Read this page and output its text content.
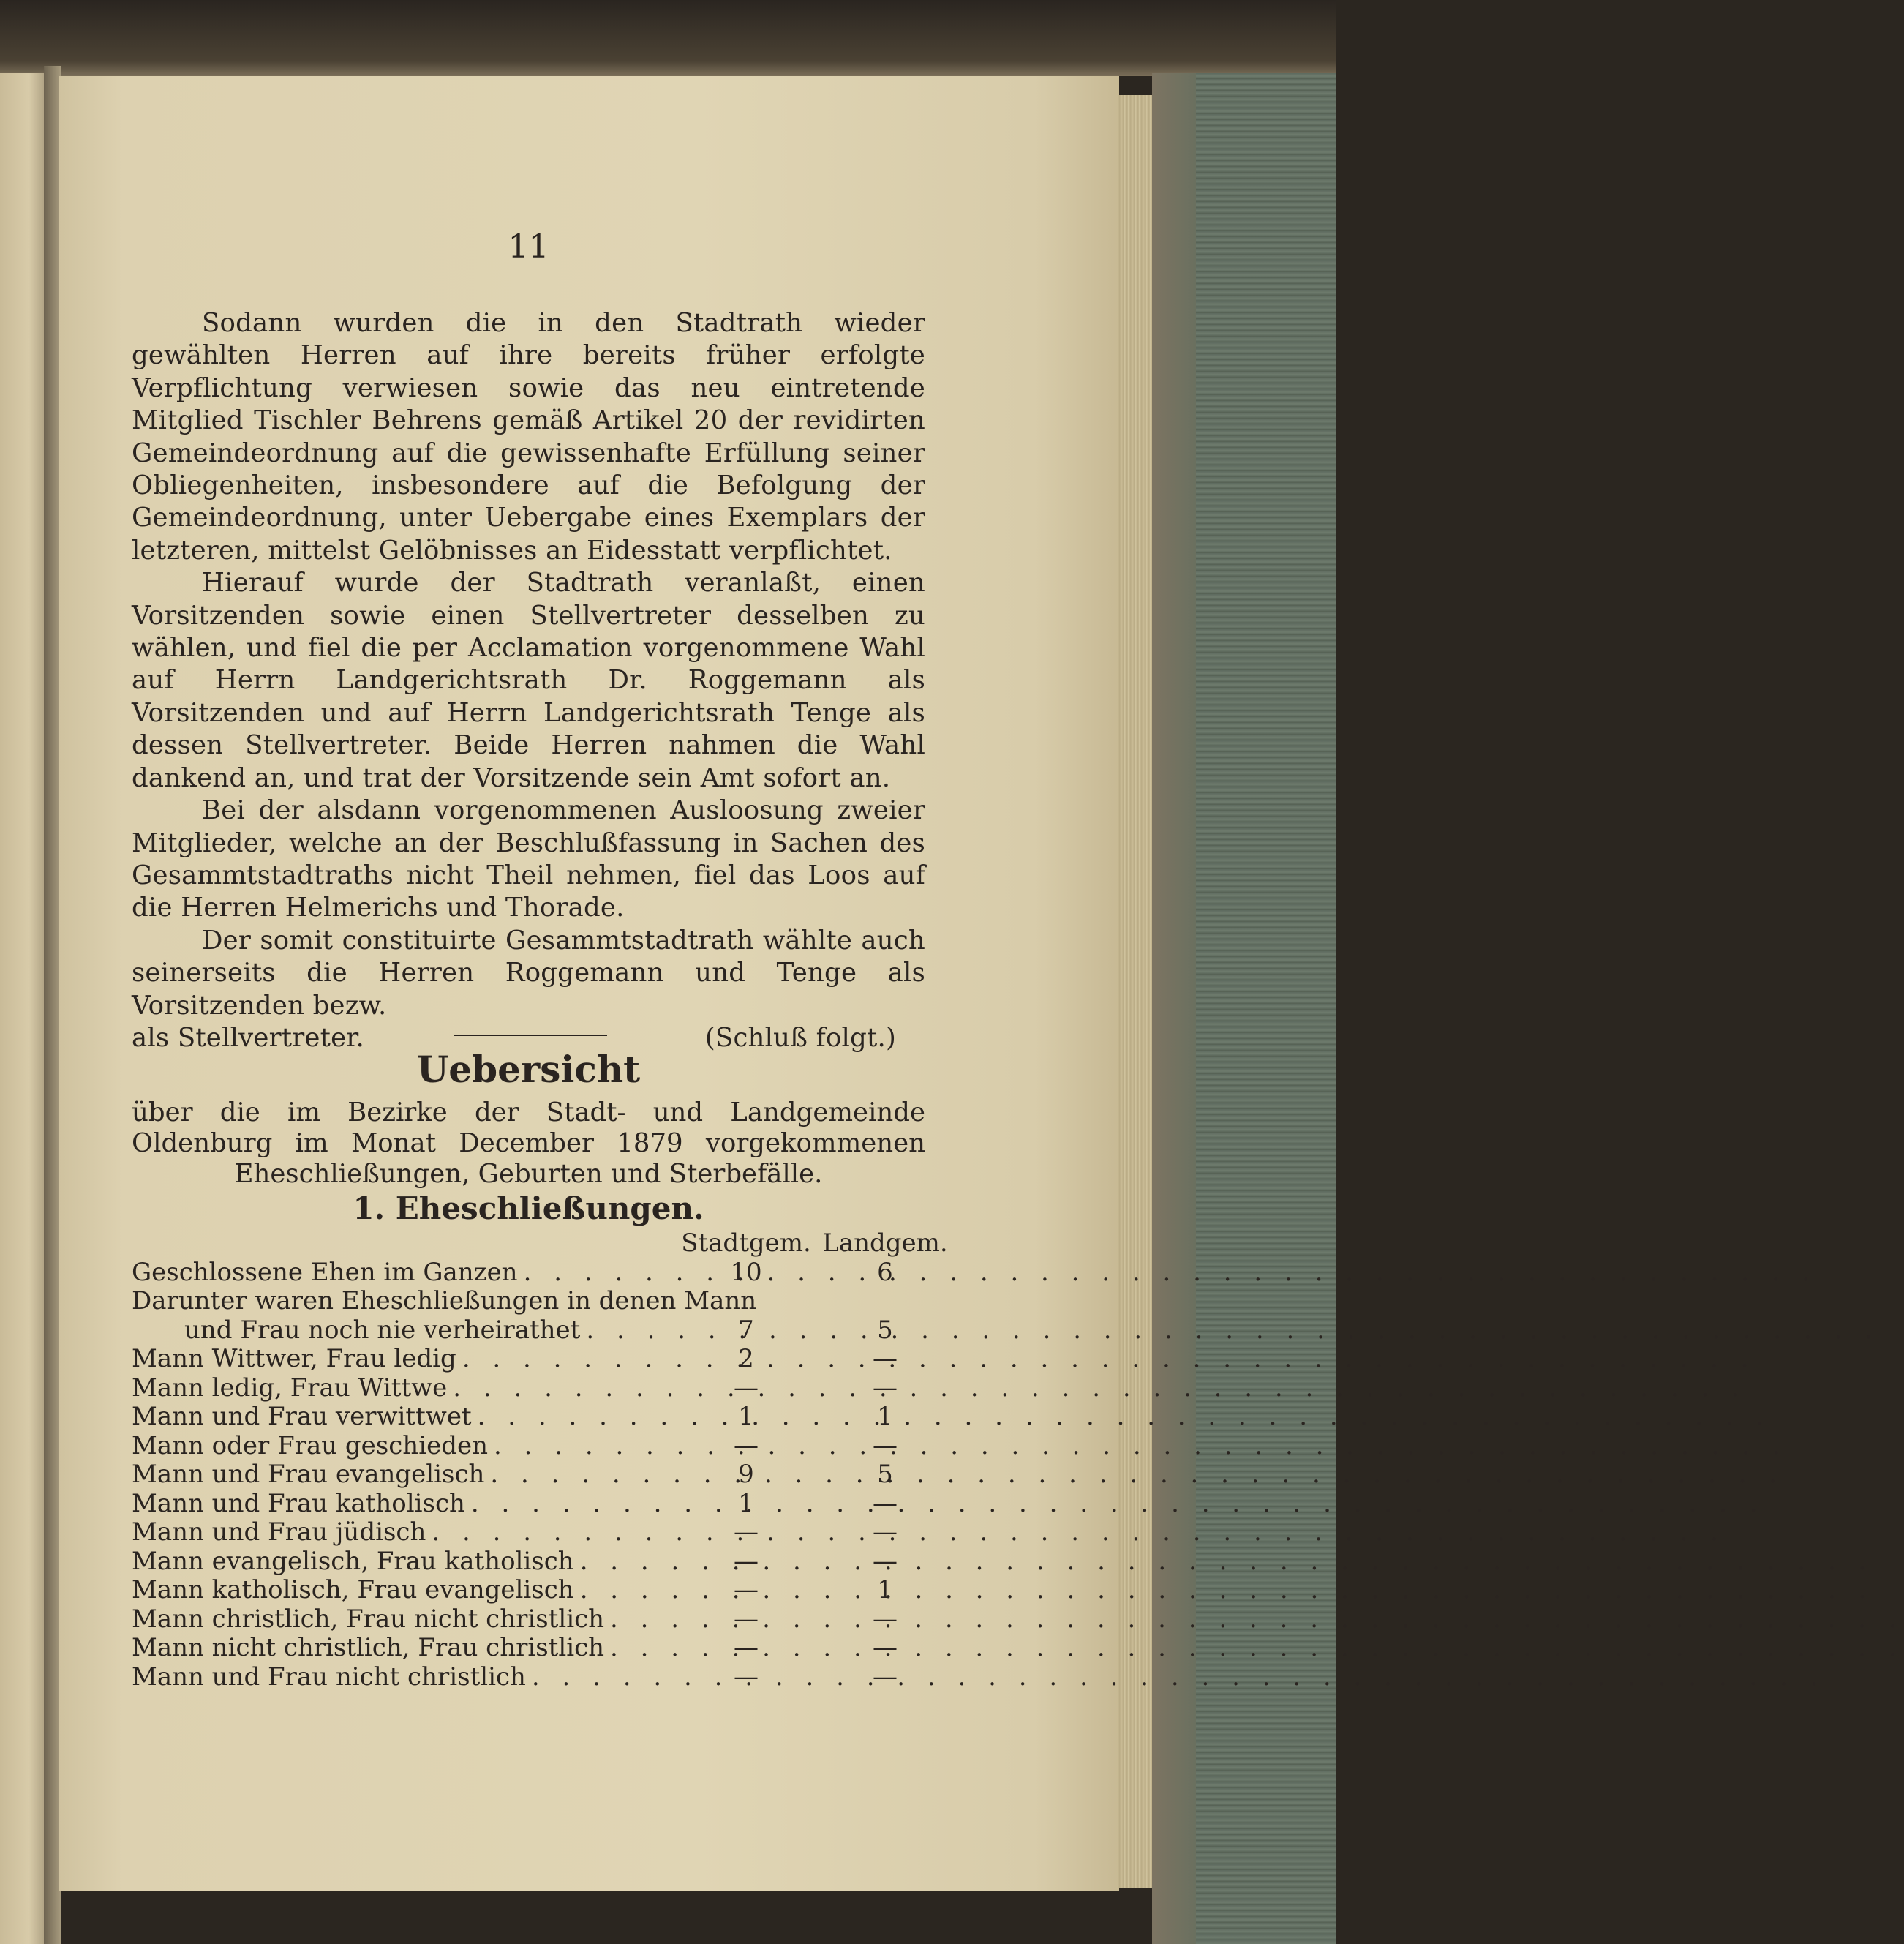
11

Sodann wurden die in den Stadtrath wieder gewählten Herren auf ihre bereits früher erfolgte Verpflichtung verwiesen sowie das neu eintretende Mitglied Tischler Behrens gemäß Artikel 20 der revidirten Gemeindeordnung auf die gewissenhafte Erfüllung seiner Obliegenheiten, insbesondere auf die Befolgung der Gemeindeordnung, unter Uebergabe eines Exemplars der letzteren, mittelst Gelöbnisses an Eidesstatt verpflichtet.

Hierauf wurde der Stadtrath veranlaßt, einen Vorsitzenden sowie einen Stellvertreter desselben zu wählen, und fiel die per Acclamation vorgenommene Wahl auf Herrn Landgerichtsrath Dr. Roggemann als Vorsitzenden und auf Herrn Landgerichtsrath Tenge als dessen Stellvertreter. Beide Herren nahmen die Wahl dankend an, und trat der Vorsitzende sein Amt sofort an.

Bei der alsdann vorgenommenen Ausloosung zweier Mitglieder, welche an der Beschlußfassung in Sachen des Gesammtstadtraths nicht Theil nehmen, fiel das Loos auf die Herren Helmerichs und Thorade.

Der somit constituirte Gesammtstadtrath wählte auch seinerseits die Herren Roggemann und Tenge als Vorsitzenden bezw.

als Stellvertreter.	(Schluß folgt.)
Uebersicht
über die im Bezirke der Stadt- und Landgemeinde Oldenburg im Monat December 1879 vorgekommenen Eheschließungen, Geburten und Sterbefälle.
1. Eheschließungen.
Stadtgem. Landgem.
Geschlossene Ehen im Ganzen . . .	10	6
Darunter waren Eheschließungen in denen Mann
und Frau noch nie verheirathet . . .	7	5
Mann Wittwer, Frau ledig . . .	2	—
Mann ledig, Frau Wittwe . . .	—	—
Mann und Frau verwittwet . . .	1	1
Mann oder Frau geschieden . . .	—	—
Mann und Frau evangelisch . . .	9	5
Mann und Frau katholisch . . .	1	—
Mann und Frau jüdisch . . .	—	—
Mann evangelisch, Frau katholisch . . .	—	—
Mann katholisch, Frau evangelisch . . .	—	1
Mann christlich, Frau nicht christlich . . .	—	—
Mann nicht christlich, Frau christlich . . .	—	—
Mann und Frau nicht christlich . . .	—	—
